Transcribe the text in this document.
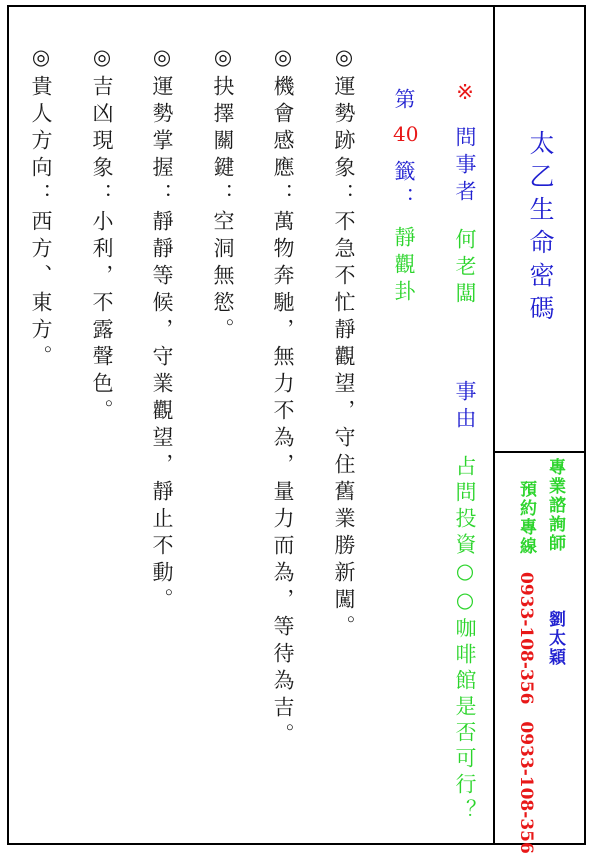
太乙生命密碼
專業諮詢師
劉太穎
預約專線
0933-108-356　0933-108-356
※
問事者
何老闆
事由
占問投資○○咖啡館是否可行？
第
40
籤：
靜觀卦
◎運勢跡象：不急不忙靜觀望，守住舊業勝新闖。
◎機會感應：萬物奔馳，無力不為，量力而為，等待為吉。
◎抉擇關鍵：空洞無慾。
◎運勢掌握：靜靜等候，守業觀望，靜止不動。
◎吉凶現象：小利，不露聲色。
◎貴人方向：西方、東方。
